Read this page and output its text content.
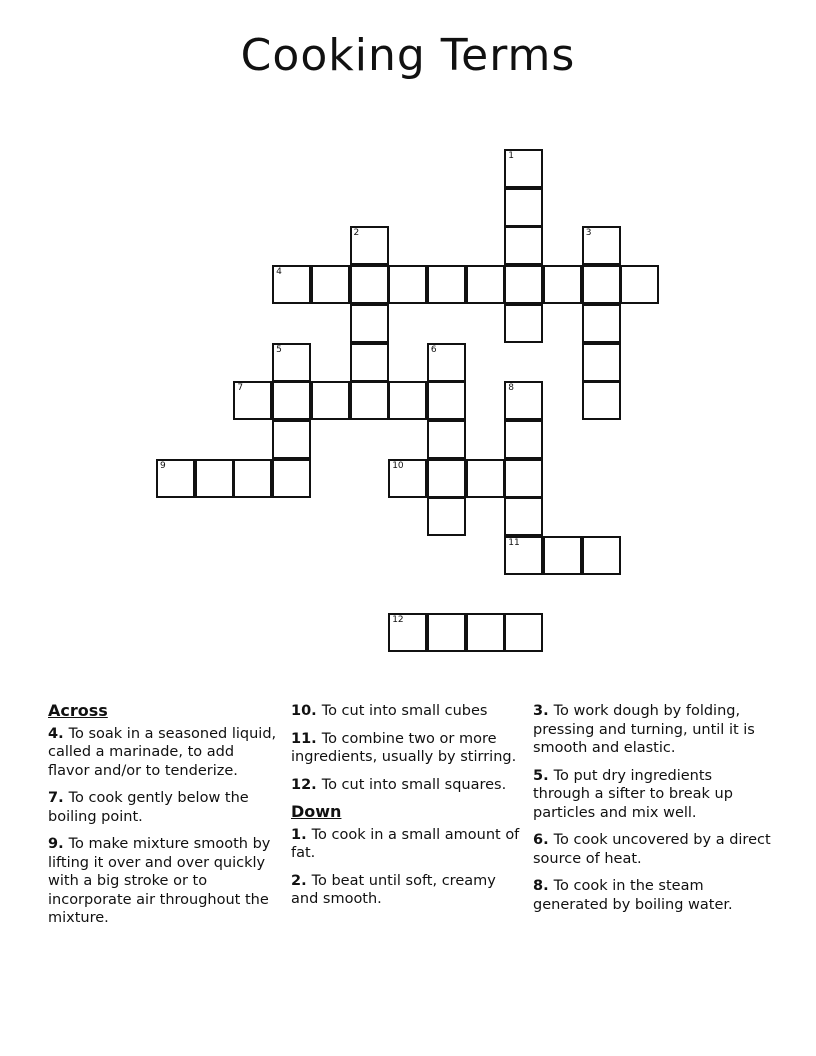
Cooking Terms
1
2	3
4
5	6
7	8
11
9	10
12
Across
4. To soak in a seasoned liquid, called a marinade, to add flavor and/or to tenderize.
7. To cook gently below the boiling point.
9. To make mixture smooth by lifting it over and over quickly with a big stroke or to incorporate air throughout the mixture.
10. To cut into small cubes
11. To combine two or more ingredients, usually by stirring.
12. To cut into small squares.
Down
1. To cook in a small amount of fat.
2. To beat until soft, creamy and smooth.
3. To work dough by folding, pressing and turning, until it is smooth and elastic.
5. To put dry ingredients through a sifter to break up particles and mix well.
6. To cook uncovered by a direct source of heat.
8. To cook in the steam generated by boiling water.
